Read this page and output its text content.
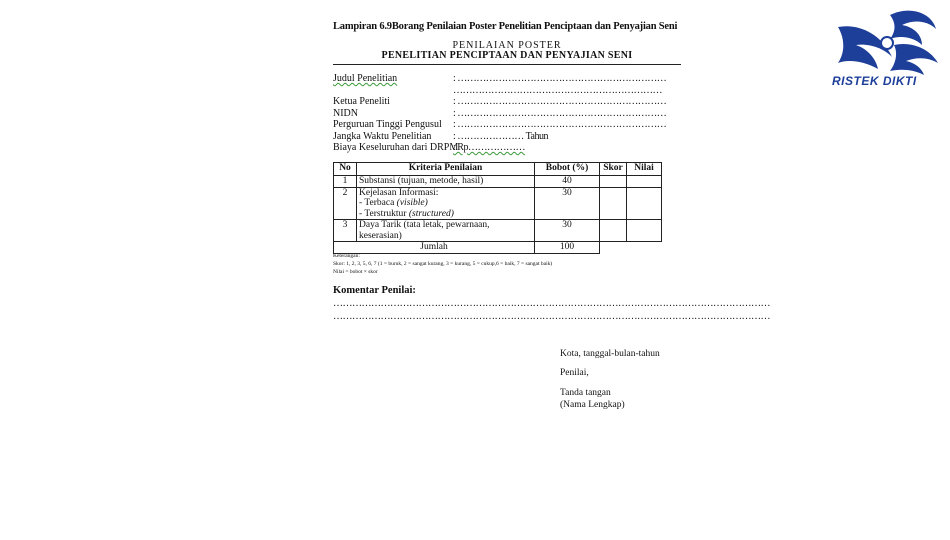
Lampiran 6.9Borang Penilaian Poster Penelitian Penciptaan dan Penyajian Seni
PENILAIAN POSTER
PENELITIAN PENCIPTAAN DAN PENYAJIAN SENI
RISTEK DIKTI
Judul Penelitian	: …………………………………………………………
…………………………………………………………
Ketua Peneliti	: …………………………………………………………
NIDN	: …………………………………………………………
Perguruan Tinggi Pengusul	: …………………………………………………………
Jangka Waktu Penelitian	: ………………… Tahun
Biaya Keseluruhan dari DRPM
: Rp………………
No	Kriteria Penilaian	Bobot (%)	Skor	Nilai
1	Substansi (tujuan, metode, hasil)	40		
2	Kejelasan Informasi:
- Terbaca (visible)
- Terstruktur (structured)	30		
3	Daya Tarik (tata letak, pewarnaan, keserasian)	30		
Jumlah		100		
Keterangan:
Skor: 1, 2, 3, 5, 6, 7 (1 = buruk, 2 = sangat kurang, 3 = kurang, 5 = cukup,6 = baik, 7 = sangat baik)
Nilai = bobot × skor
Komentar Penilai:
…………………………………………………………………………………………………………………………
…………………………………………………………………………………………………………………………
Kota, tanggal-bulan-tahun
Penilai,
Tanda tangan
(Nama Lengkap)
